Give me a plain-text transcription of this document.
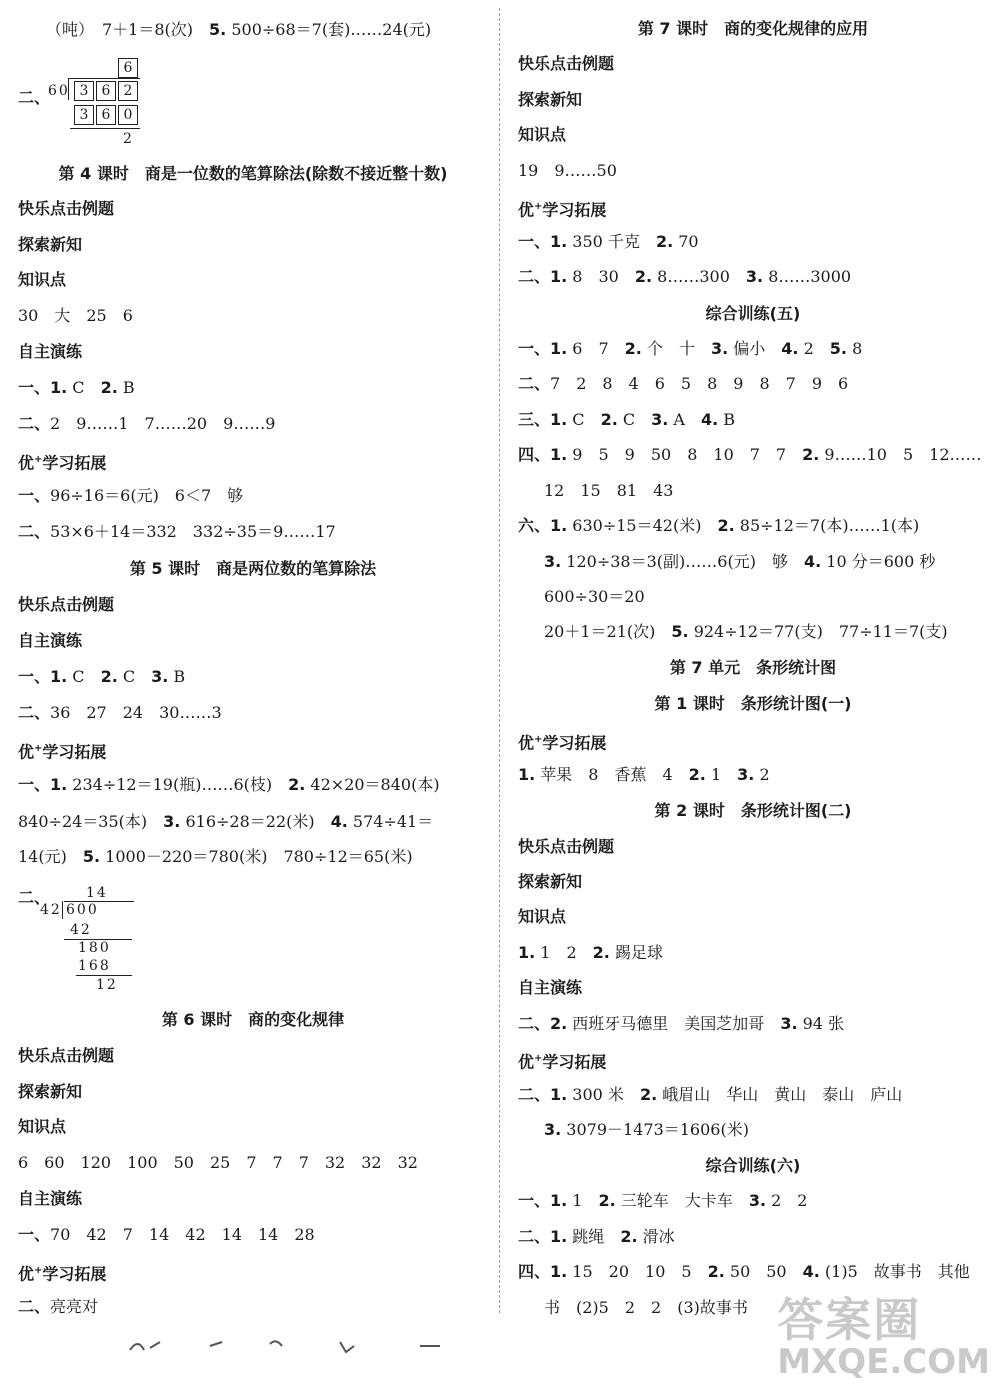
（吨）　7＋1＝8(次)　5. 500÷68＝7(套)……24(元)
二、
60
6
3 6 2
3 6 0
2
第 4 课时　商是一位数的笔算除法(除数不接近整十数)
快乐点击例题
探索新知
知识点
30　大　25　6
自主演练
一、1. C　2. B
二、2　9……1　7……20　9……9
优+学习拓展
一、96÷16＝6(元)　6＜7　够
二、53×6＋14＝332　332÷35＝9……17
第 5 课时　商是两位数的笔算除法
快乐点击例题
自主演练
一、1. C　2. C　3. B
二、36　27　24　30……3
优+学习拓展
一、1. 234÷12＝19(瓶)……6(枝)　2. 42×20＝840(本)
840÷24＝35(本)　3. 616÷28＝22(米)　4. 574÷41＝
14(元)　5. 1000－220＝780(米)　780÷12＝65(米)
二、	14
42 600
42
180
168
12
第 6 课时　商的变化规律
快乐点击例题
探索新知
知识点
6　60　120　100　50　25　7　7　7　32　32　32
自主演练
一、70　42　7　14　42　14　14　28
优+学习拓展
二、亮亮对
第 7 课时　商的变化规律的应用
快乐点击例题
探索新知
知识点
19　9……50
优+学习拓展
一、1. 350 千克　2. 70
二、1. 8　30　2. 8……300　3. 8……3000
综合训练(五)
一、1. 6　7　2. 个　十　3. 偏小　4. 2　5. 8
二、7　2　8　4　6　5　8　9　8　7　9　6
三、1. C　2. C　3. A　4. B
四、1. 9　5　9　50　8　10　7　7　2. 9……10　5　12……
12　15　81　43
六、1. 630÷15＝42(米)　2. 85÷12＝7(本)……1(本)
3. 120÷38＝3(副)……6(元)　够　4. 10 分＝600 秒
600÷30＝20
20＋1＝21(次)　5. 924÷12＝77(支)　77÷11＝7(支)
第 7 单元　条形统计图
第 1 课时　条形统计图(一)
优+学习拓展
1. 苹果　8　香蕉　4　2. 1　3. 2
第 2 课时　条形统计图(二)
快乐点击例题
探索新知
知识点
1. 1　2　2. 踢足球
自主演练
二、2. 西班牙马德里　美国芝加哥　3. 94 张
优+学习拓展
二、1. 300 米　2. 峨眉山　华山　黄山　泰山　庐山
3. 3079－1473＝1606(米)
综合训练(六)
一、1. 1　2. 三轮车　大卡车　3. 2　2
二、1. 跳绳　2. 滑冰
四、1. 15　20　10　5　2. 50　50　4. (1)5　故事书　其他
书　(2)5　2　2　(3)故事书 答案圈
MXQE.COM
